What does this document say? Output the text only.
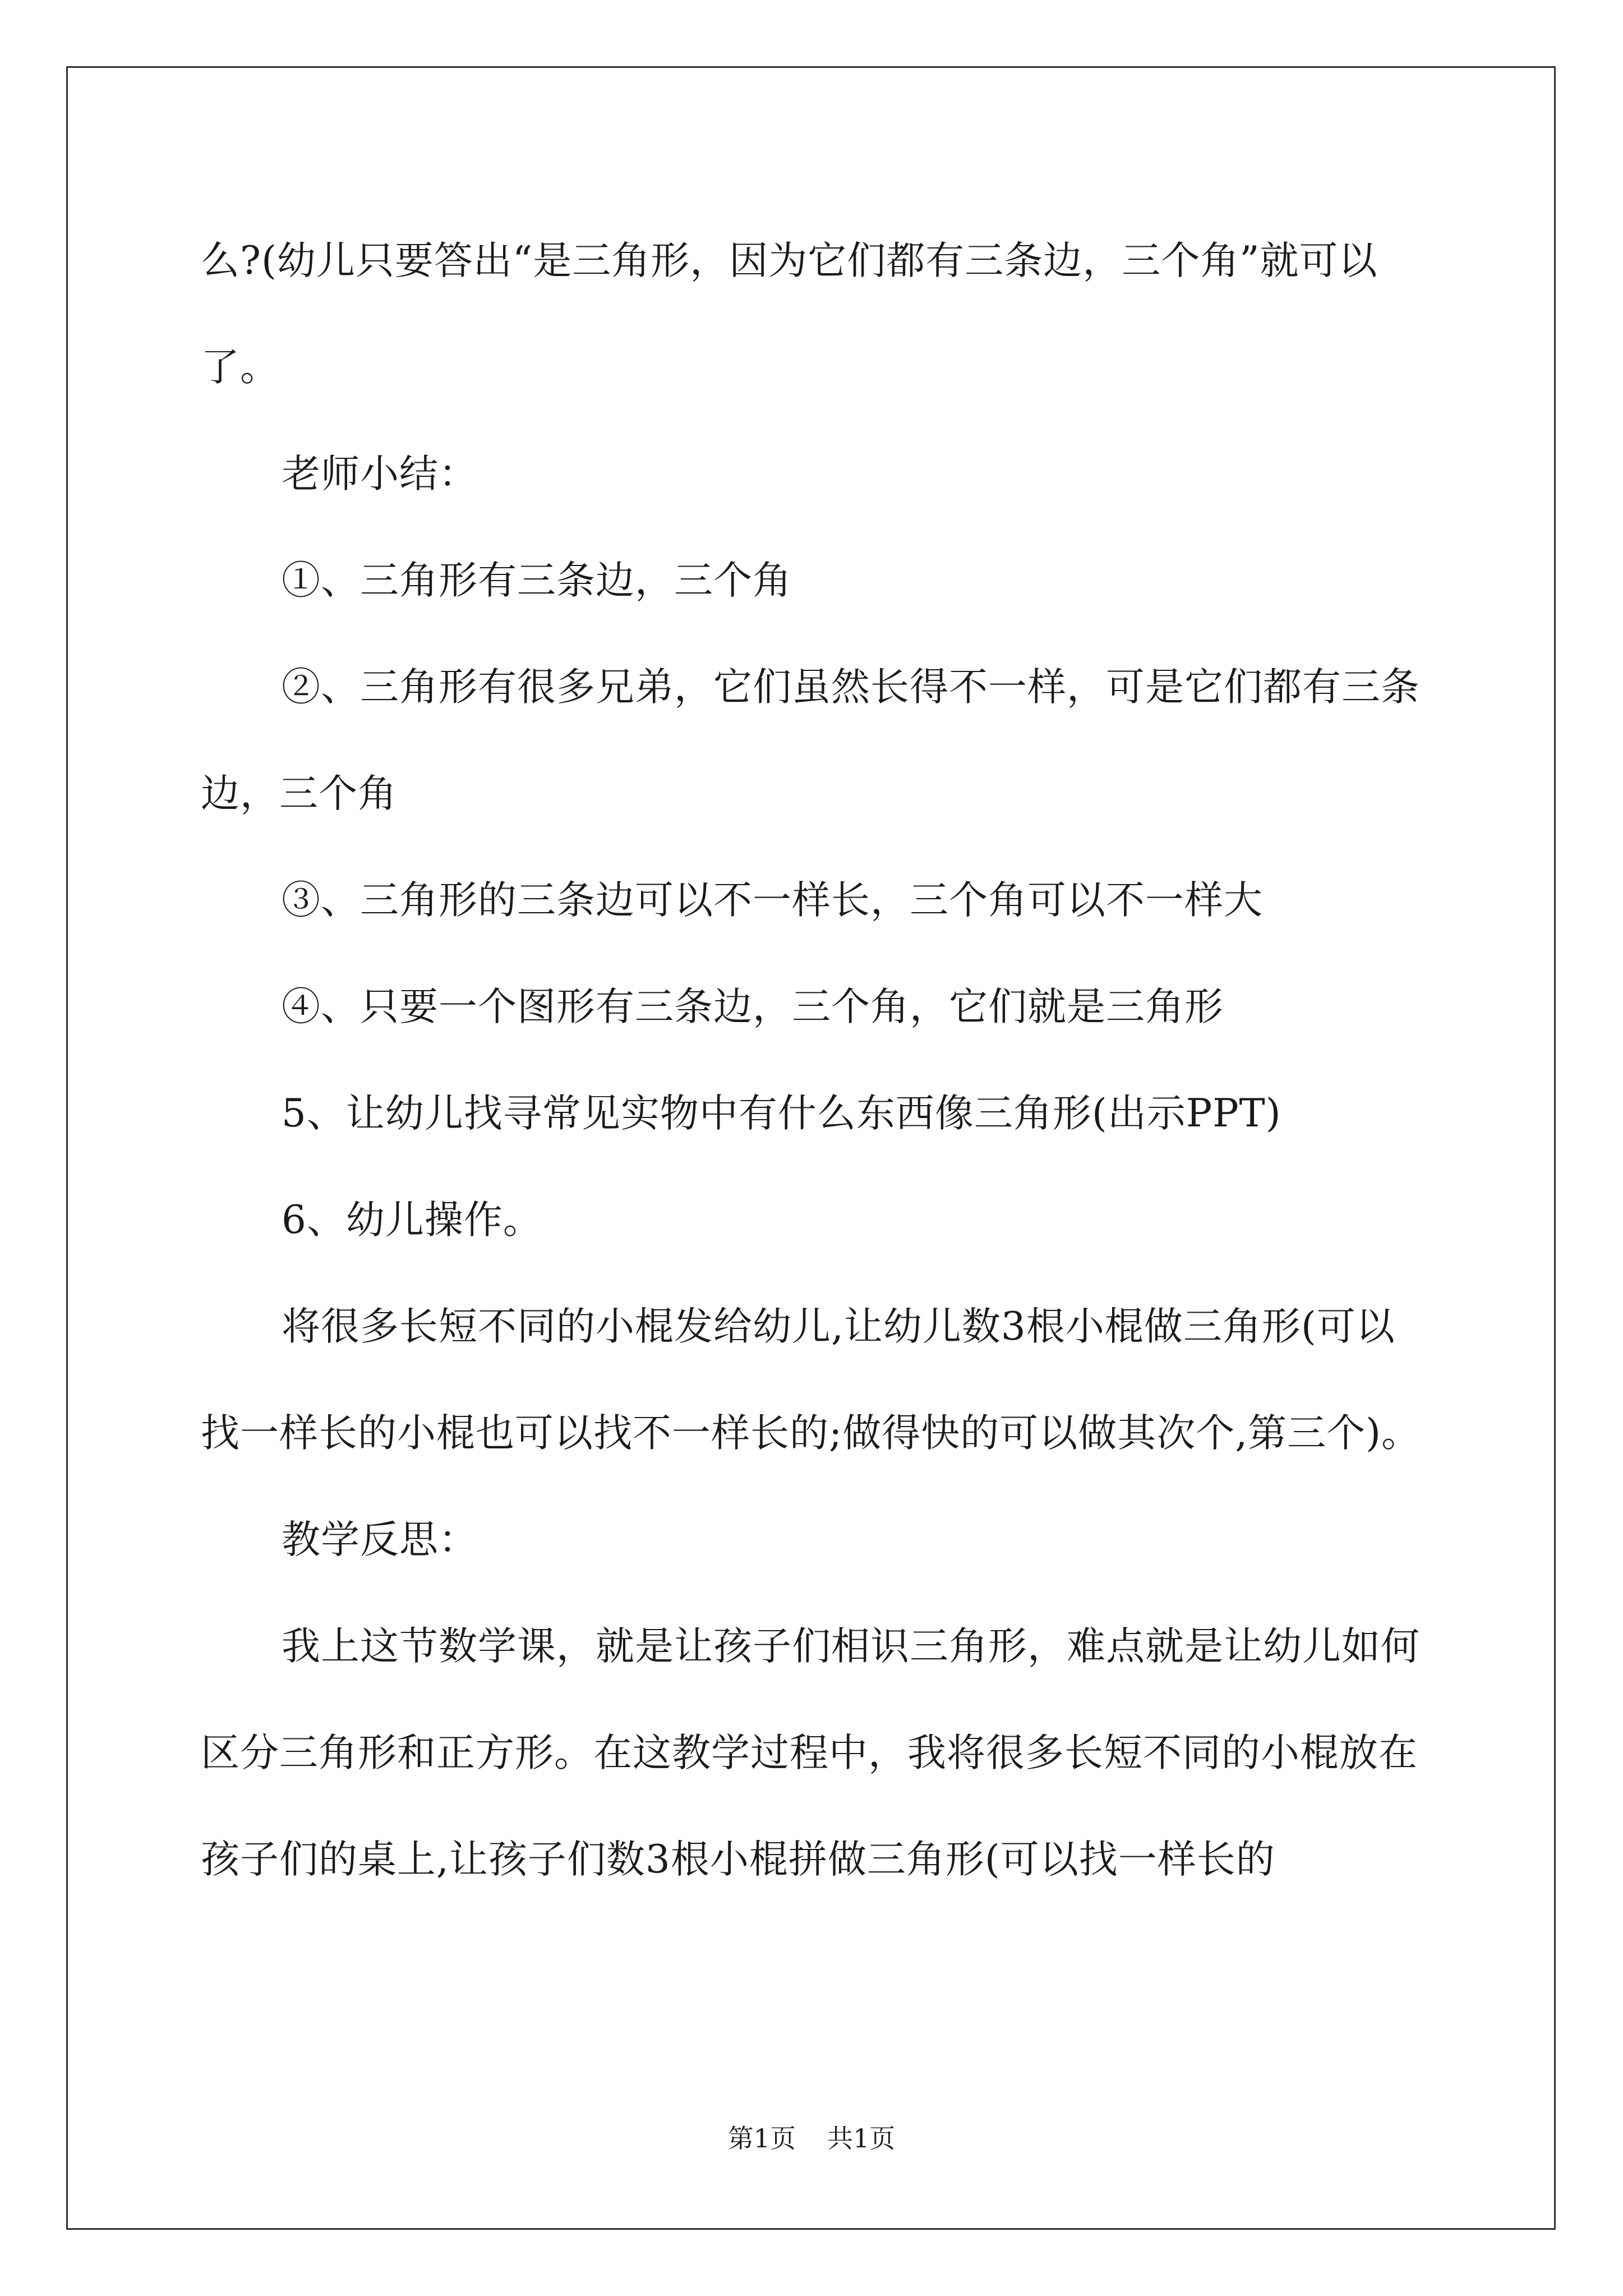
么?(幼儿只要答出“是三角形，因为它们都有三条边，三个角”就可以了。

老师小结：

①、三角形有三条边，三个角

②、三角形有很多兄弟，它们虽然长得不一样，可是它们都有三条边，三个角

③、三角形的三条边可以不一样长，三个角可以不一样大

④、只要一个图形有三条边，三个角，它们就是三角形

5、让幼儿找寻常见实物中有什么东西像三角形(出示PPT)

6、幼儿操作。

将很多长短不同的小棍发给幼儿,让幼儿数3根小棍做三角形(可以找一样长的小棍也可以找不一样长的;做得快的可以做其次个,第三个)。

教学反思：

我上这节数学课，就是让孩子们相识三角形，难点就是让幼儿如何区分三角形和正方形。在这教学过程中，我将很多长短不同的小棍放在孩子们的桌上,让孩子们数3根小棍拼做三角形(可以找一样长的

第1页 共1页
